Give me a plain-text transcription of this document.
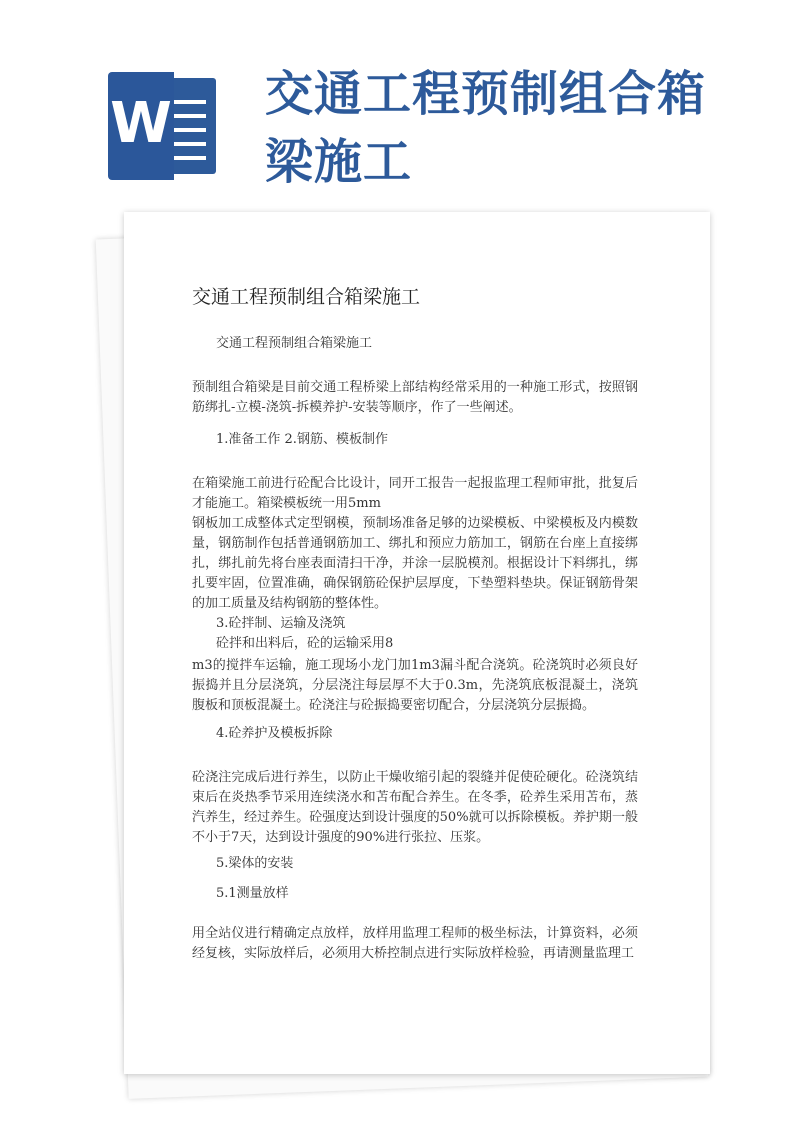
W 交通工程预制组合箱梁施工
交通工程预制组合箱梁施工
交通工程预制组合箱梁施工

预制组合箱梁是目前交通工程桥梁上部结构经常采用的一种施工形式，按照钢筋绑扎-立模-浇筑-拆模养护-安装等顺序，作了一些阐述。

1.准备工作 2.钢筋、模板制作

在箱梁施工前进行砼配合比设计，同开工报告一起报监理工程师审批，批复后才能施工。箱梁模板统一用5mm

钢板加工成整体式定型钢模，预制场准备足够的边梁模板、中梁模板及内模数量，钢筋制作包括普通钢筋加工、绑扎和预应力筋加工，钢筋在台座上直接绑扎，绑扎前先将台座表面清扫干净，并涂一层脱模剂。根据设计下料绑扎，绑扎要牢固，位置准确，确保钢筋砼保护层厚度，下垫塑料垫块。保证钢筋骨架的加工质量及结构钢筋的整体性。

3.砼拌制、运输及浇筑
砼拌和出料后，砼的运输采用8

m3的搅拌车运输，施工现场小龙门加1m3漏斗配合浇筑。砼浇筑时必须良好振捣并且分层浇筑，分层浇注每层厚不大于0.3m，先浇筑底板混凝土，浇筑腹板和顶板混凝土。砼浇注与砼振捣要密切配合，分层浇筑分层振捣。

4.砼养护及模板拆除

砼浇注完成后进行养生，以防止干燥收缩引起的裂缝并促使砼硬化。砼浇筑结束后在炎热季节采用连续浇水和苫布配合养生。在冬季，砼养生采用苫布，蒸汽养生，经过养生。砼强度达到设计强度的50%就可以拆除模板。养护期一般不小于7天，达到设计强度的90%进行张拉、压浆。

5.梁体的安装
5.1测量放样

用全站仪进行精确定点放样，放样用监理工程师的极坐标法，计算资料，必须经复核，实际放样后，必须用大桥控制点进行实际放样检验，再请测量监理工
